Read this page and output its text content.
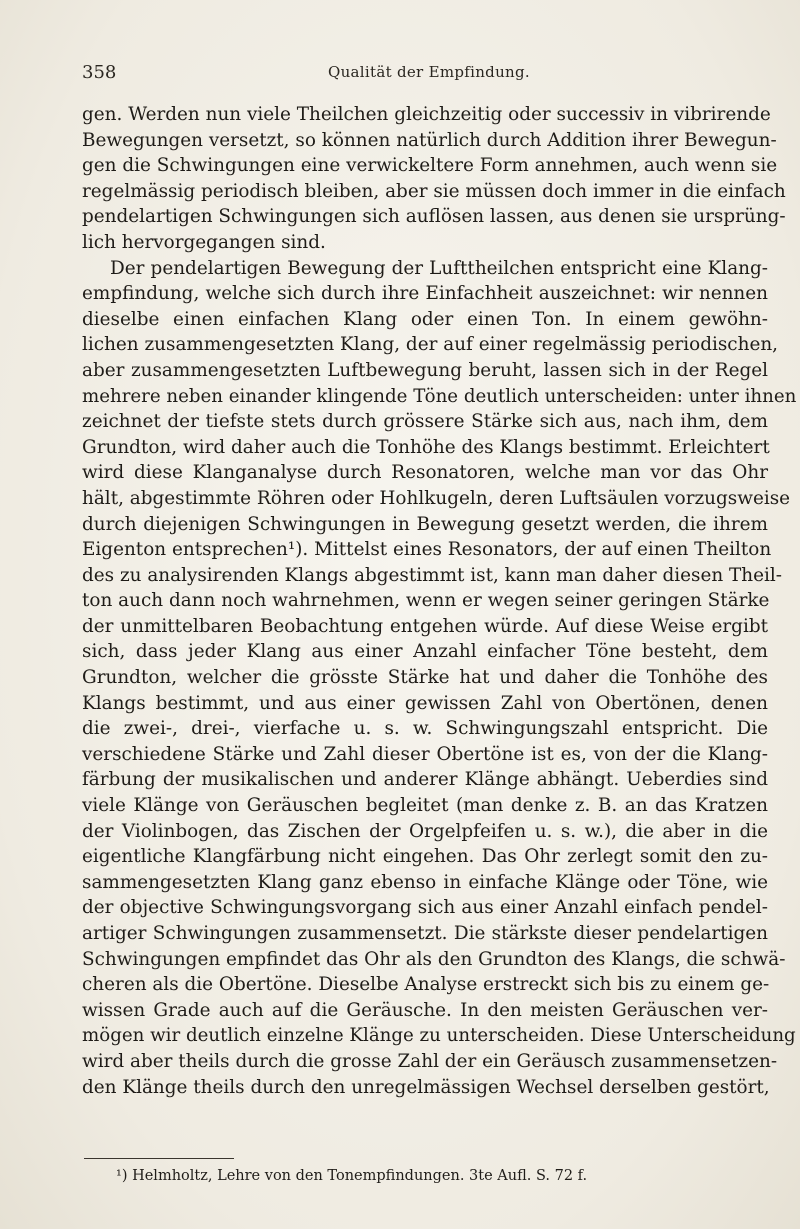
358	Qualität der Empfindung.
gen. Werden nun viele Theilchen gleichzeitig oder successiv in vibrirende
Bewegungen versetzt, so können natürlich durch Addition ihrer Bewegun-
gen die Schwingungen eine verwickeltere Form annehmen, auch wenn sie
regelmässig periodisch bleiben, aber sie müssen doch immer in die einfach
pendelartigen Schwingungen sich auflösen lassen, aus denen sie ursprüng-
lich hervorgegangen sind.
Der pendelartigen Bewegung der Lufttheilchen entspricht eine Klang-
empfindung, welche sich durch ihre Einfachheit auszeichnet: wir nennen
dieselbe einen einfachen Klang oder einen Ton. In einem gewöhn-
lichen zusammengesetzten Klang, der auf einer regelmässig periodischen,
aber zusammengesetzten Luftbewegung beruht, lassen sich in der Regel
mehrere neben einander klingende Töne deutlich unterscheiden: unter ihnen
zeichnet der tiefste stets durch grössere Stärke sich aus, nach ihm, dem
Grundton, wird daher auch die Tonhöhe des Klangs bestimmt. Erleichtert
wird diese Klanganalyse durch Resonatoren, welche man vor das Ohr
hält, abgestimmte Röhren oder Hohlkugeln, deren Luftsäulen vorzugsweise
durch diejenigen Schwingungen in Bewegung gesetzt werden, die ihrem
Eigenton entsprechen¹). Mittelst eines Resonators, der auf einen Theilton
des zu analysirenden Klangs abgestimmt ist, kann man daher diesen Theil-
ton auch dann noch wahrnehmen, wenn er wegen seiner geringen Stärke
der unmittelbaren Beobachtung entgehen würde. Auf diese Weise ergibt
sich, dass jeder Klang aus einer Anzahl einfacher Töne besteht, dem
Grundton, welcher die grösste Stärke hat und daher die Tonhöhe des
Klangs bestimmt, und aus einer gewissen Zahl von Obertönen, denen
die zwei-, drei-, vierfache u. s. w. Schwingungszahl entspricht. Die
verschiedene Stärke und Zahl dieser Obertöne ist es, von der die Klang-
färbung der musikalischen und anderer Klänge abhängt. Ueberdies sind
viele Klänge von Geräuschen begleitet (man denke z. B. an das Kratzen
der Violinbogen, das Zischen der Orgelpfeifen u. s. w.), die aber in die
eigentliche Klangfärbung nicht eingehen. Das Ohr zerlegt somit den zu-
sammengesetzten Klang ganz ebenso in einfache Klänge oder Töne, wie
der objective Schwingungsvorgang sich aus einer Anzahl einfach pendel-
artiger Schwingungen zusammensetzt. Die stärkste dieser pendelartigen
Schwingungen empfindet das Ohr als den Grundton des Klangs, die schwä-
cheren als die Obertöne. Dieselbe Analyse erstreckt sich bis zu einem ge-
wissen Grade auch auf die Geräusche. In den meisten Geräuschen ver-
mögen wir deutlich einzelne Klänge zu unterscheiden. Diese Unterscheidung
wird aber theils durch die grosse Zahl der ein Geräusch zusammensetzen-
den Klänge theils durch den unregelmässigen Wechsel derselben gestört,
¹) Helmholtz, Lehre von den Tonempfindungen. 3te Aufl. S. 72 f.
